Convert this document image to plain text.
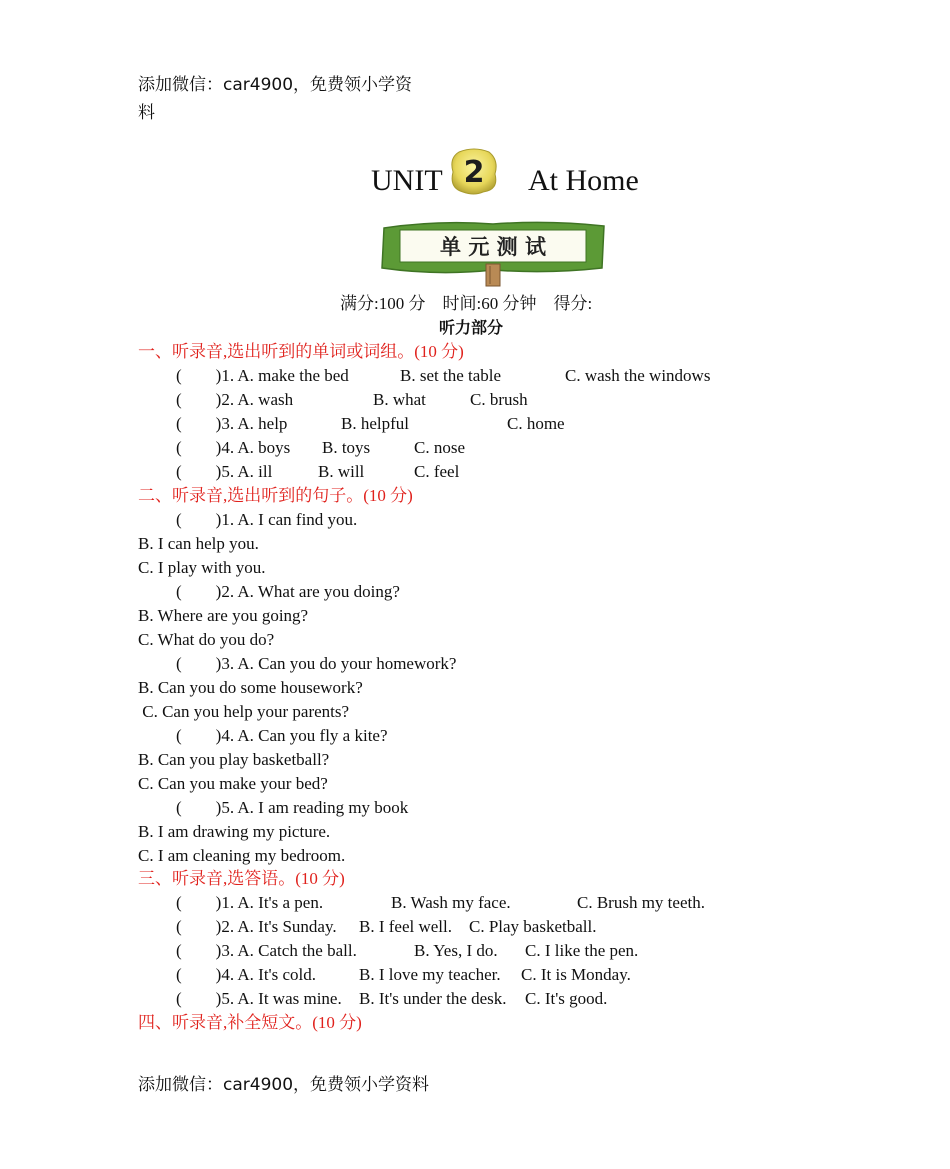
添加微信：car4900，免费领小学资
料
UNIT 2 At Home
单 元 测 试
满分:100 分　时间:60 分钟　得分:
听力部分
一、听录音,选出听到的单词或词组。(10 分)
(　　)1. A. make the bed	B. set the table	C. wash the windows
(　　)2. A. wash	B. what	C. brush
(　　)3. A. help	B. helpful	C. home
(　　)4. A. boys B. toys	C. nose
(　　)5. A. ill	B. will	C. feel
二、听录音,选出听到的句子。(10 分)
(　　)1. A. I can find you.
B. I can help you.
C. I play with you.
(　　)2. A. What are you doing?
B. Where are you going?
C. What do you do?
(　　)3. A. Can you do your homework?
B. Can you do some housework?
C. Can you help your parents?
(　　)4. A. Can you fly a kite?
B. Can you play basketball?
C. Can you make your bed?
(　　)5. A. I am reading my book
B. I am drawing my picture.
C. I am cleaning my bedroom.
三、听录音,选答语。(10 分)
(　　)1. A. It's a pen.	B. Wash my face.	C. Brush my teeth.
(　　)2. A. It's Sunday. B. I feel well. C. Play basketball.
(　　)3. A. Catch the ball.	B. Yes, I do. C. I like the pen.
(　　)4. A. It's cold.	B. I love my teacher. C. It is Monday.
(　　)5. A. It was mine. B. It's under the desk. C. It's good.
四、听录音,补全短文。(10 分)
添加微信：car4900，免费领小学资料
